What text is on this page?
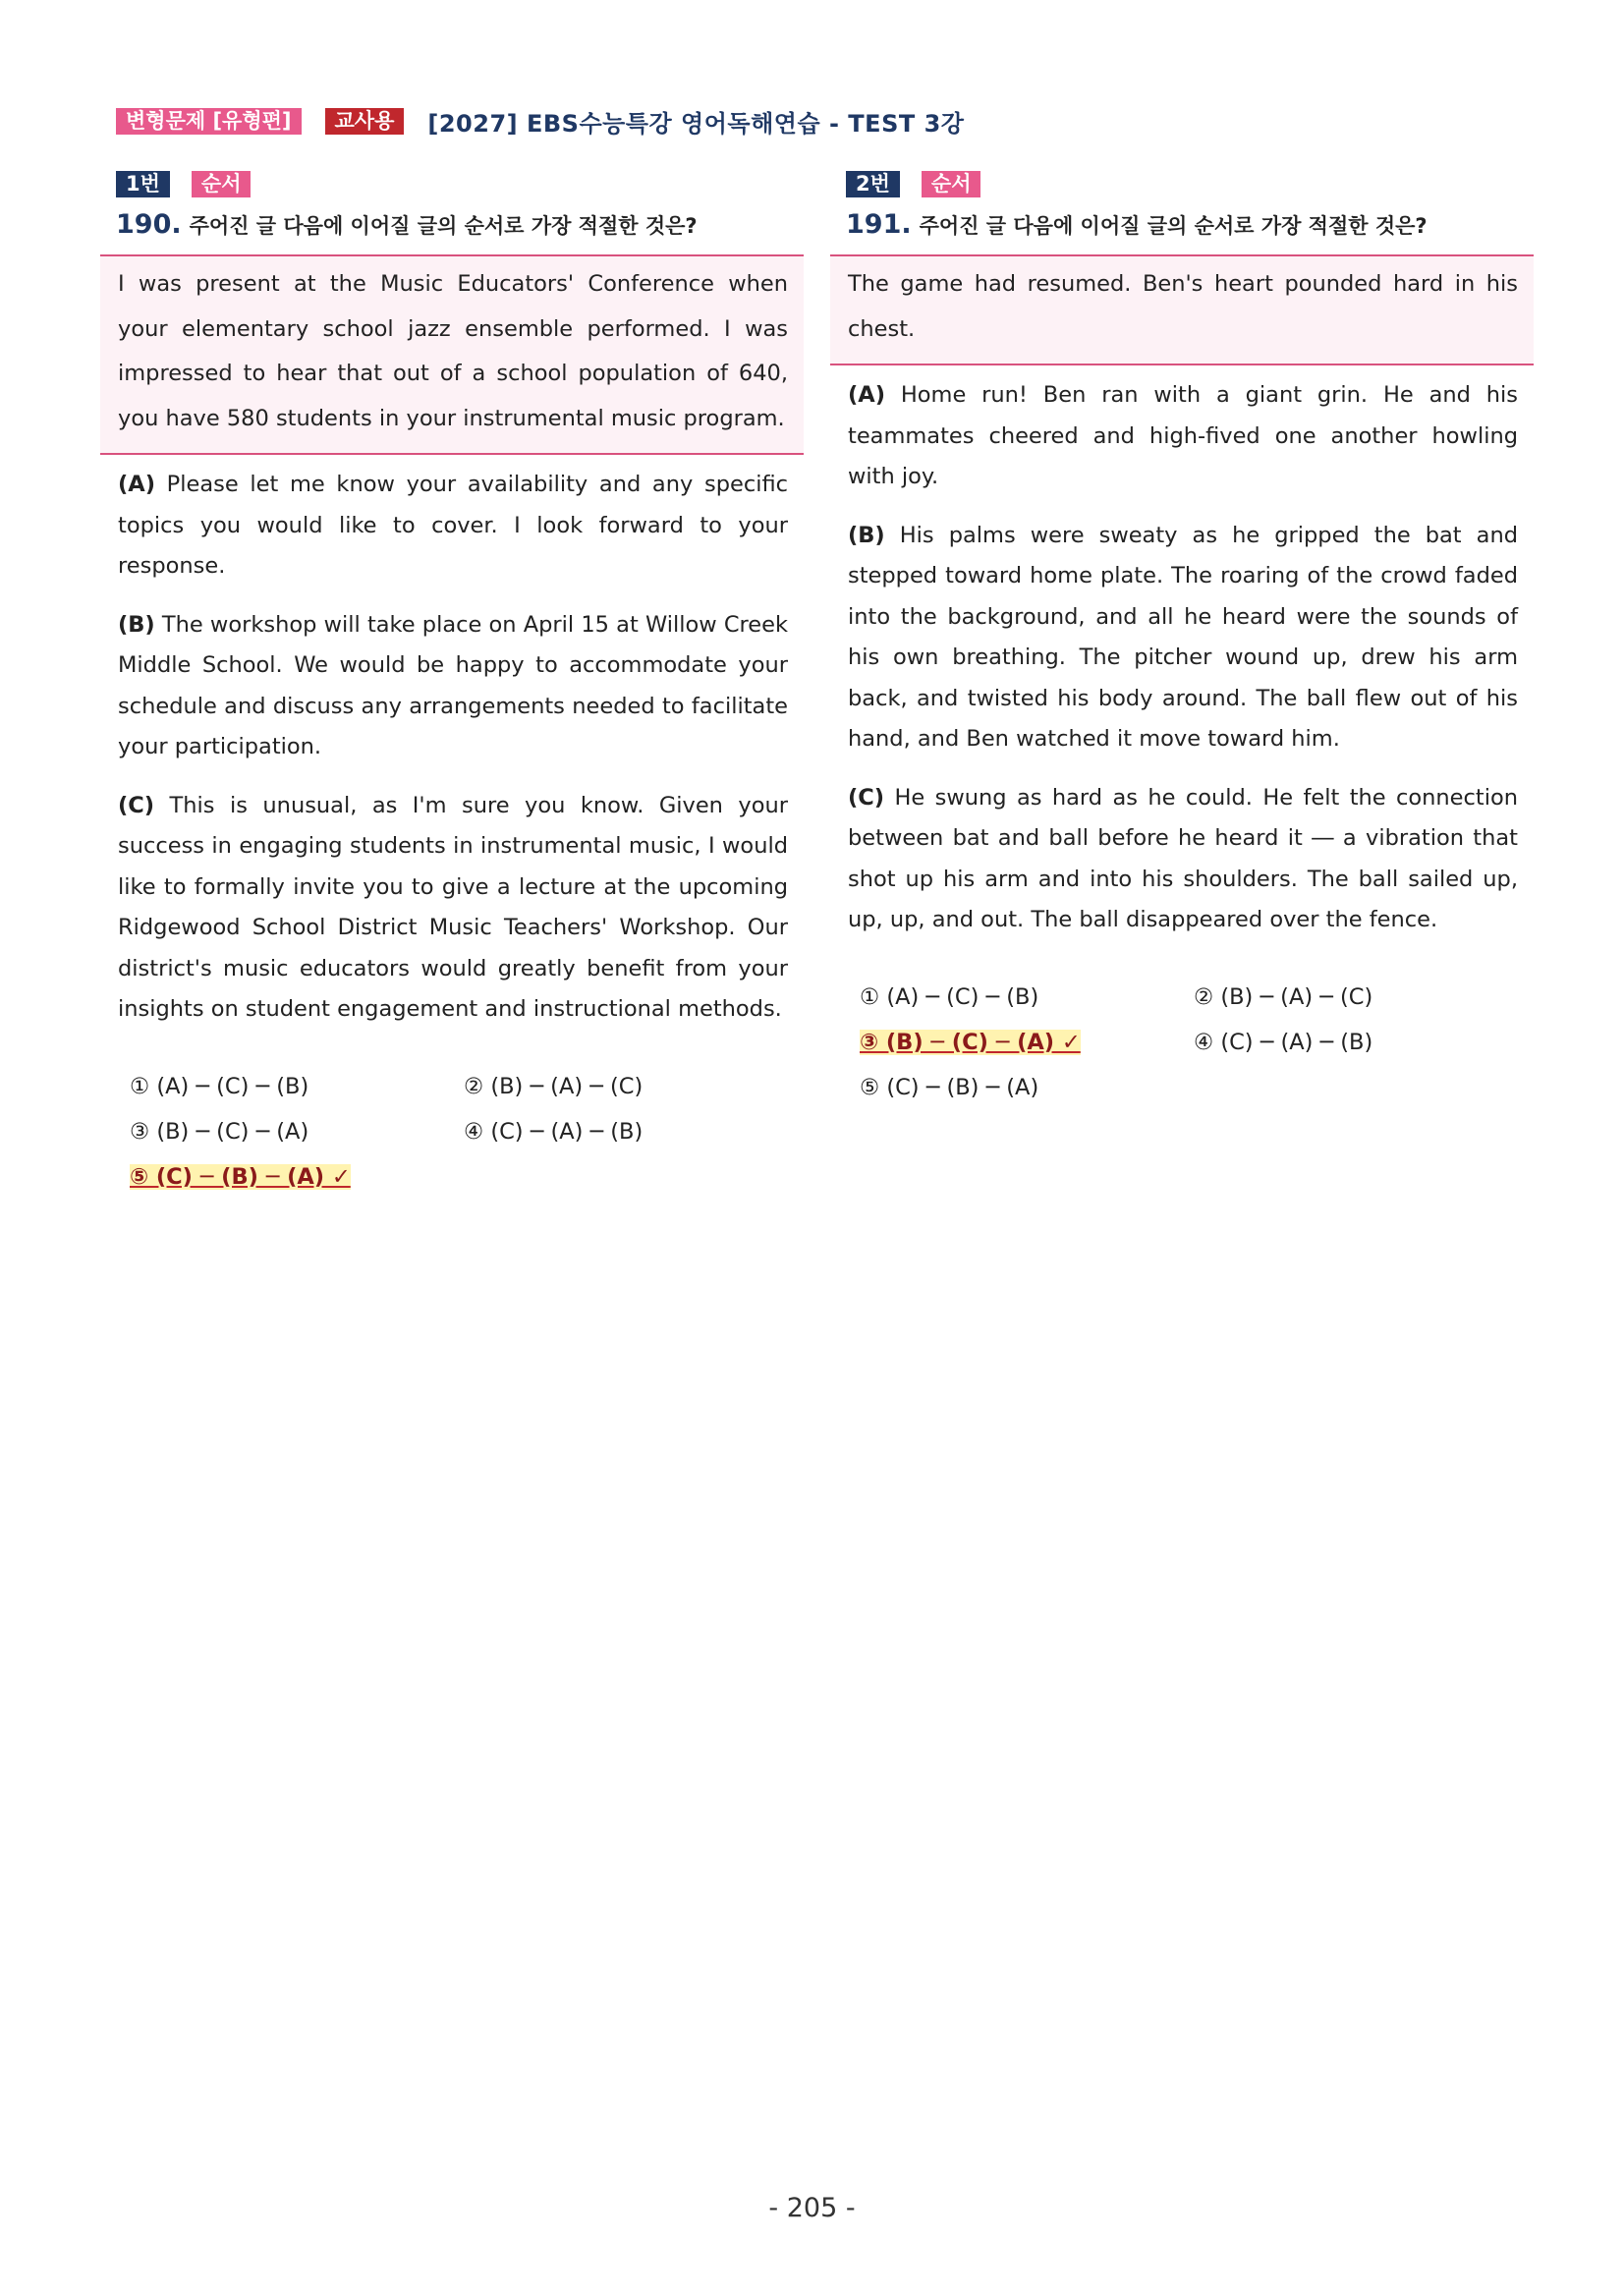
변형문제 [유형편]	교사용	[2027] EBS수능특강 영어독해연습 - TEST 3강
1번	순서
190. 주어진 글 다음에 이어질 글의 순서로 가장 적절한 것은?
I was present at the Music Educators' Conference when your elementary school jazz ensemble performed. I was impressed to hear that out of a school population of 640, you have 580 students in your instrumental music program.
(A) Please let me know your availability and any specific topics you would like to cover. I look forward to your response.
(B) The workshop will take place on April 15 at Willow Creek Middle School. We would be happy to accommodate your schedule and discuss any arrangements needed to facilitate your participation.
(C) This is unusual, as I'm sure you know. Given your success in engaging students in instrumental music, I would like to formally invite you to give a lecture at the upcoming Ridgewood School District Music Teachers' Workshop. Our district's music educators would greatly benefit from your insights on student engagement and instructional methods.
① (A) ─ (C) ─ (B)	② (B) ─ (A) ─ (C)
③ (B) ─ (C) ─ (A)	④ (C) ─ (A) ─ (B)
⑤ (C) ─ (B) ─ (A) ✓
2번	순서
191. 주어진 글 다음에 이어질 글의 순서로 가장 적절한 것은?
The game had resumed. Ben's heart pounded hard in his chest.
(A) Home run! Ben ran with a giant grin. He and his teammates cheered and high-fived one another howling with joy.
(B) His palms were sweaty as he gripped the bat and stepped toward home plate. The roaring of the crowd faded into the background, and all he heard were the sounds of his own breathing. The pitcher wound up, drew his arm back, and twisted his body around. The ball flew out of his hand, and Ben watched it move toward him.
(C) He swung as hard as he could. He felt the connection between bat and ball before he heard it ― a vibration that shot up his arm and into his shoulders. The ball sailed up, up, up, and out. The ball disappeared over the fence.
① (A) ─ (C) ─ (B)	② (B) ─ (A) ─ (C)
③ (B) ─ (C) ─ (A) ✓	④ (C) ─ (A) ─ (B)
⑤ (C) ─ (B) ─ (A)
- 205 -
